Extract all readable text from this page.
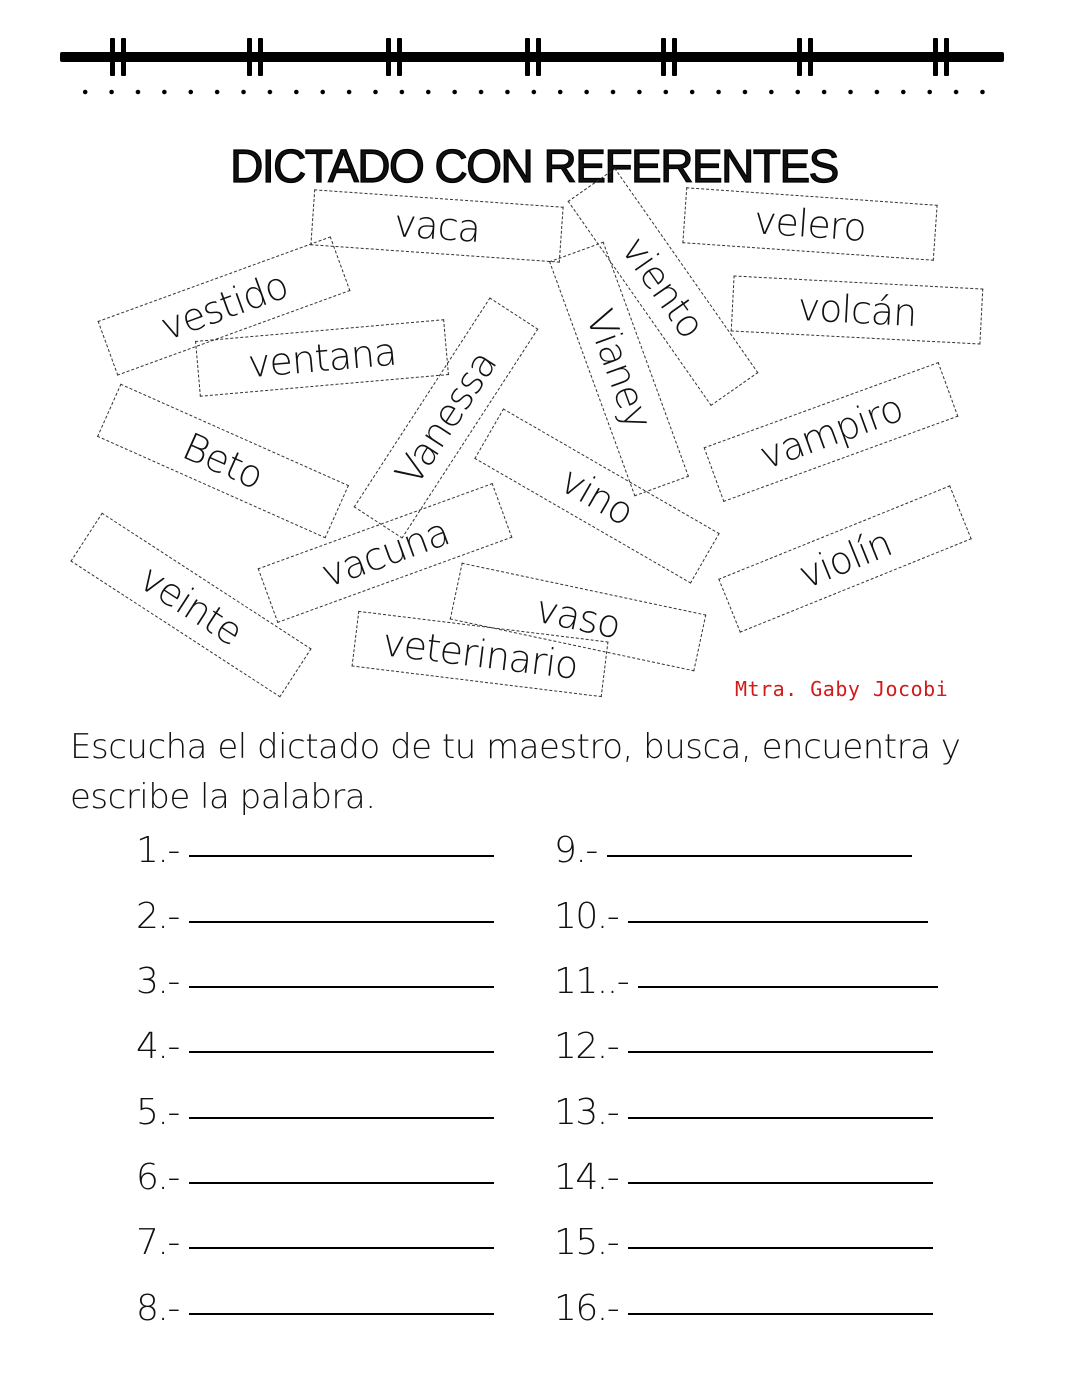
DICTADO CON REFERENTES
vaca	velero
vestido	viento	volcán
ventana	Vianey
Vanessa
Beto	vampiro
vino
vacuna	violín
veinte	vaso
veterinario
Mtra. Gaby Jocobi

Escucha el dictado de tu maestro, busca, encuentra y escribe la palabra.

1.-
2.-
3.-
4.-
5.-
6.-
7.-
8.-
9.-
10.-
11..-
12.-
13.-
14.-
15.-
16.-
